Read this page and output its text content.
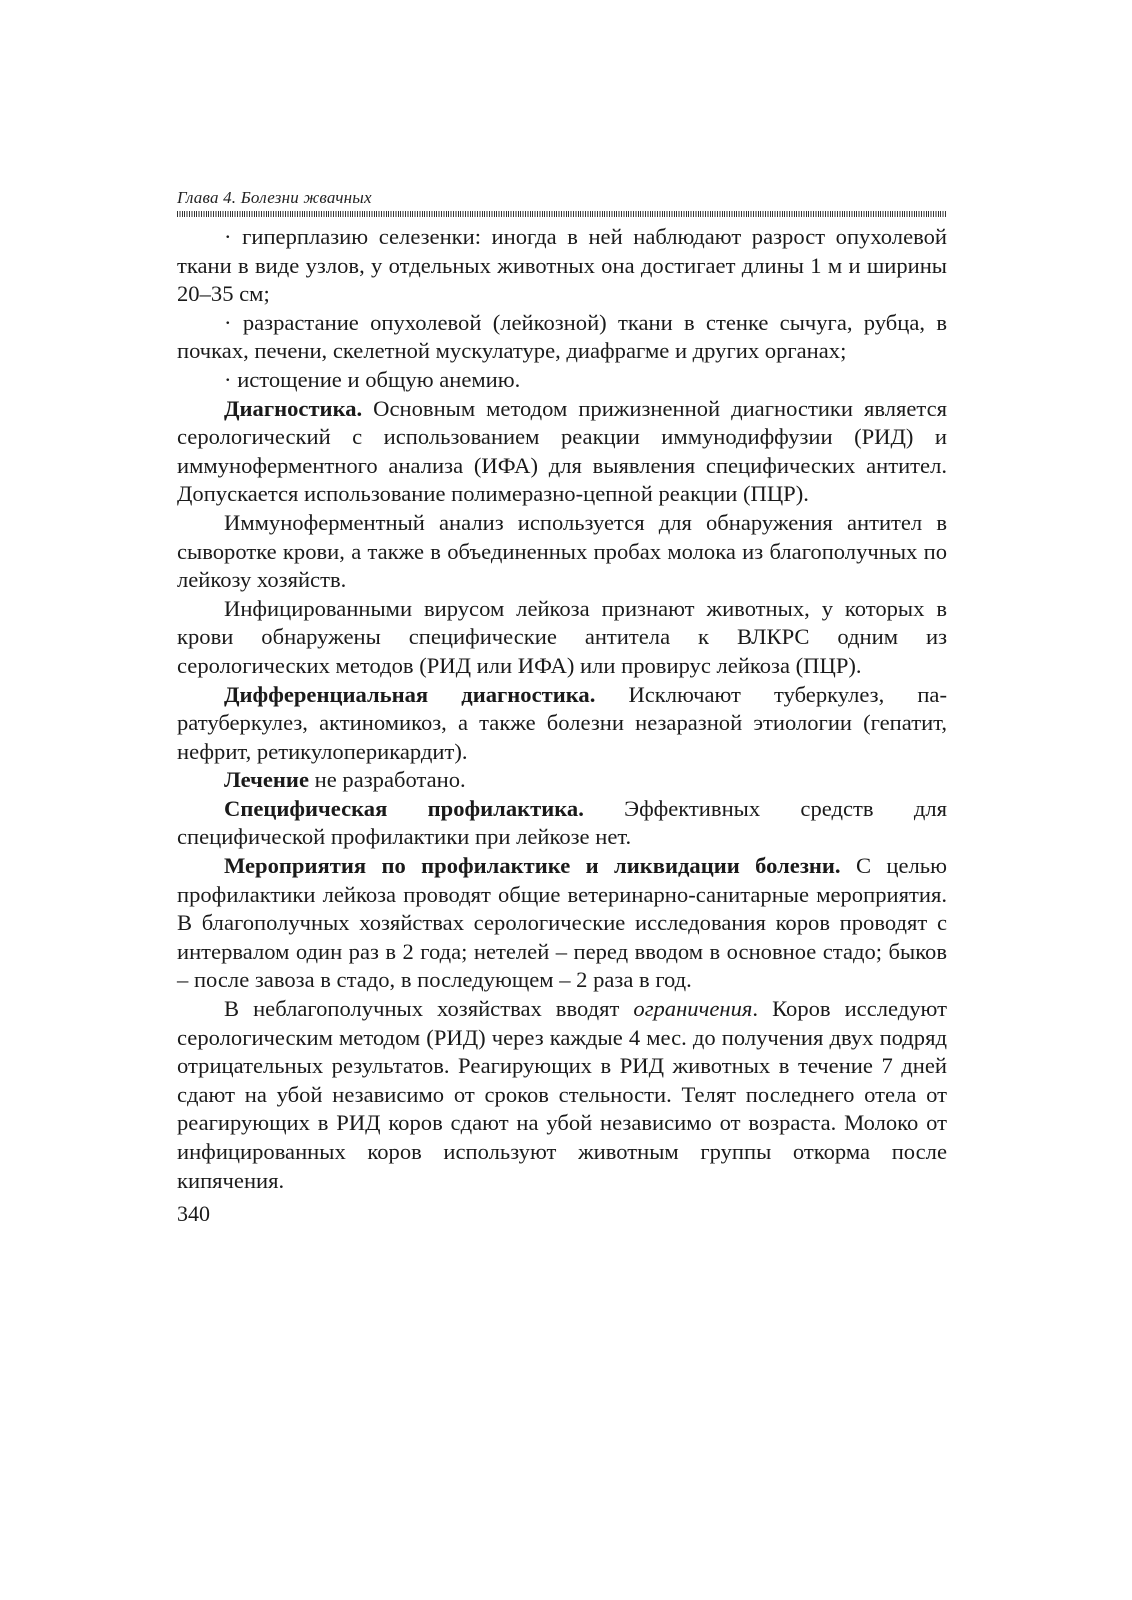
Глава 4. Болезни жвачных

· гиперплазию селезенки: иногда в ней наблюдают разрост опухолевой ткани в виде узлов, у отдельных животных она достигает длины 1 м и ширины 20–35 см;

· разрастание опухолевой (лейкозной) ткани в стенке сычуга, рубца, в почках, печени, скелетной мускулатуре, диафрагме и других органах;

· истощение и общую анемию.

Диагностика. Основным методом прижизненной диагностики является серологический с использованием реакции иммунодиффузии (РИД) и иммуноферментного анализа (ИФА) для выявления специфических антител. Допускается использование полимеразно-цепной реакции (ПЦР).

Иммуноферментный анализ используется для обнаружения антител в сыворотке крови, а также в объединенных пробах молока из благополучных по лейкозу хозяйств.

Инфицированными вирусом лейкоза признают животных, у которых в крови обнаружены специфические антитела к ВЛКРС одним из серологических методов (РИД или ИФА) или провирус лейкоза (ПЦР).

Дифференциальная диагностика. Исключают туберкулез, паратуберкулез, актиномикоз, а также болезни незаразной этиологии (гепатит, нефрит, ретикулоперикардит).

Лечение не разработано.

Специфическая профилактика. Эффективных средств для специфической профилактики при лейкозе нет.

Мероприятия по профилактике и ликвидации болезни. С целью профилактики лейкоза проводят общие ветеринарно-санитарные мероприятия. В благополучных хозяйствах серологические исследования коров проводят с интервалом один раз в 2 года; нетелей – перед вводом в основное стадо; быков – после завоза в стадо, в последующем – 2 раза в год.

В неблагополучных хозяйствах вводят ограничения. Коров исследуют серологическим методом (РИД) через каждые 4 мес. до получения двух подряд отрицательных результатов. Реагирующих в РИД животных в течение 7 дней сдают на убой независимо от сроков стельности. Телят последнего отела от реагирующих в РИД коров сдают на убой независимо от возраста. Молоко от инфицированных коров используют животным группы откорма после кипячения.

340
